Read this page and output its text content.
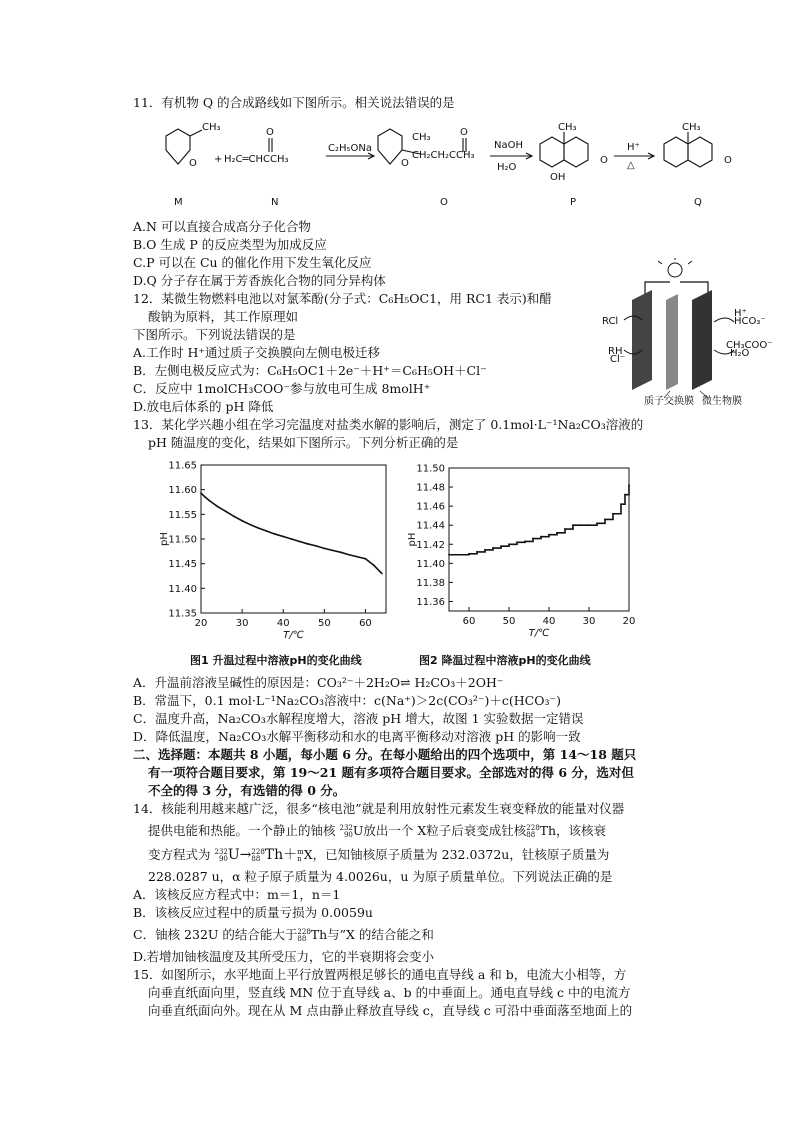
11．有机物 Q 的合成路线如下图所示。相关说法错误的是
O
CH₃
+ H₂C═CHCCH₃
O
C₂H₅ONa
O
CH₃
CH₂CH₂CCH₃
O
NaOH
H₂O
CH₃
O
OH
H⁺
△
CH₃
O
M	N	O	P	Q
A.N 可以直接合成高分子化合物
B.O 生成 P 的反应类型为加成反应
C.P 可以在 Cu 的催化作用下发生氧化反应
D.Q 分子存在属于芳香族化合物的同分异构体
12．某微生物燃料电池以对氯苯酚(分子式：C₆H₅OC1，用 RC1 表示)和醋
酸钠为原料，其工作原理如
下图所示。下列说法错误的是
A.工作时 H⁺通过质子交换膜向左侧电极迁移
B．左侧电极反应式为：C₆H₅OC1＋2e⁻＋H⁺＝C₆H₅OH＋Cl⁻
C．反应中 1molCH₃COO⁻参与放电可生成 8molH⁺
D.放电后体系的 pH 降低
RCl
RH
Cl⁻
H⁺
HCO₃⁻
CH₃COO⁻
H₂O
质子交换膜 微生物膜
13．某化学兴趣小组在学习完温度对盐类水解的影响后，测定了 0.1mol·L⁻¹Na₂CO₃溶液的
pH 随温度的变化，结果如下图所示。下列分析正确的是
11.35
11.40
11.45
11.50
11.55
11.60
11.65
20	30	40	50	60
T/℃
pH
11.36
11.38
11.40
11.42
11.44
11.46
11.48
11.50
60	50	40	30	20
T/℃
pH
图1 升温过程中溶液pH的变化曲线	图2 降温过程中溶液pH的变化曲线
A．升温前溶液呈碱性的原因是：CO₃²⁻＋2H₂O⇌ H₂CO₃＋2OH⁻
B．常温下，0.1 mol·L⁻¹Na₂CO₃溶液中：c(Na⁺)＞2c(CO₃²⁻)＋c(HCO₃⁻)
C．温度升高，Na₂CO₃水解程度增大，溶液 pH 增大，故图 1 实验数据一定错误
D．降低温度，Na₂CO₃水解平衡移动和水的电离平衡移动对溶液 pH 的影响一致
二、选择题：本题共 8 小题，每小题 6 分。在每小题给出的四个选项中，第 14～18 题只
有一项符合题目要求，第 19～21 题有多项符合题目要求。全部选对的得 6 分，选对但
不全的得 3 分，有选错的得 0 分。
14．核能利用越来越广泛，很多“核电池”就是利用放射性元素发生衰变释放的能量对仪器
提供电能和热能。一个静止的铀核 232
90U放出一个 X粒子后衰变成钍核228
88 Th，该核衰
变方程式为 232
90U→228
88 Th＋m
n X，已知铀核原子质量为 232.0372u，钍核原子质量为
228.0287 u，α 粒子原子质量为 4.0026u，u 为原子质量单位。下列说法正确的是
A．该核反应方程式中：m＝1，n＝1
B．该核反应过程中的质量亏损为 0.0059u
C．铀核 232U 的结合能大于228
88 Th与”X 的结合能之和
D.若增加铀核温度及其所受压力，它的半衰期将会变小
15．如图所示，水平地面上平行放置两根足够长的通电直导线 a 和 b，电流大小相等，方
向垂直纸面向里，竖直线 MN 位于直导线 a、b 的中垂面上。通电直导线 c 中的电流方
向垂直纸面向外。现在从 M 点由静止释放直导线 c，直导线 c 可沿中垂面落至地面上的
